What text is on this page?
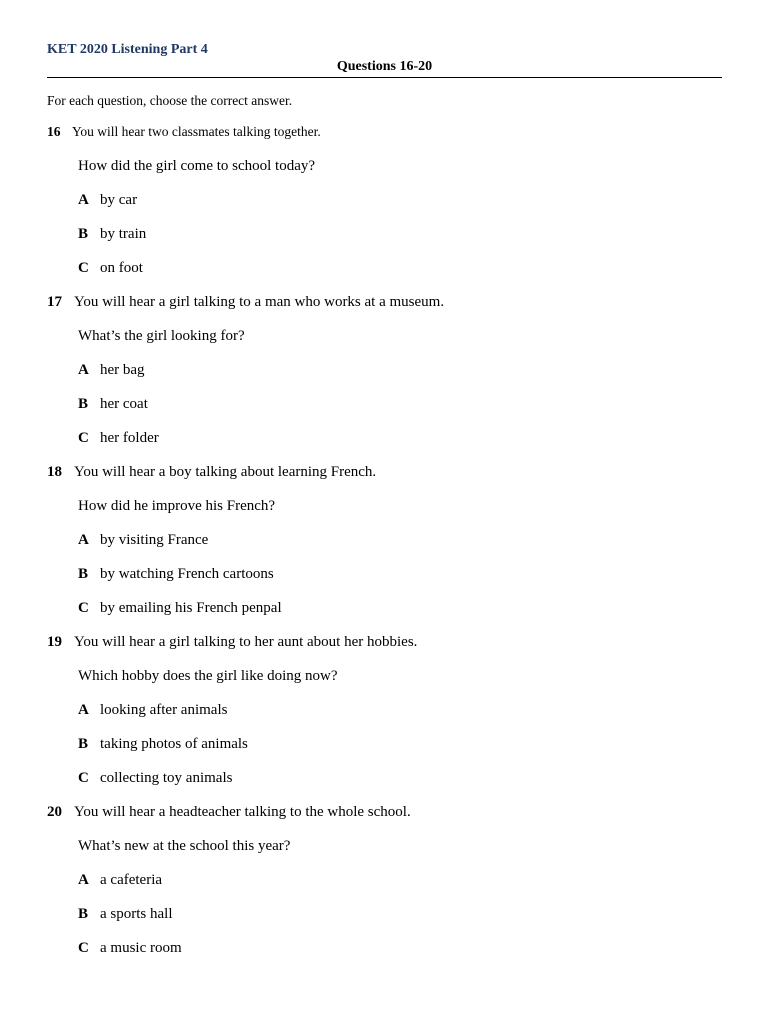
KET 2020 Listening Part 4
Questions 16-20
For each question, choose the correct answer.
16 You will hear two classmates talking together.
How did the girl come to school today?
A by car
B by train
C on foot
17 You will hear a girl talking to a man who works at a museum.
What’s the girl looking for?
A her bag
B her coat
C her folder
18 You will hear a boy talking about learning French.
How did he improve his French?
A by visiting France
B by watching French cartoons
C by emailing his French penpal
19 You will hear a girl talking to her aunt about her hobbies.
Which hobby does the girl like doing now?
A looking after animals
B taking photos of animals
C collecting toy animals
20 You will hear a headteacher talking to the whole school.
What’s new at the school this year?
A a cafeteria
B a sports hall
C a music room
